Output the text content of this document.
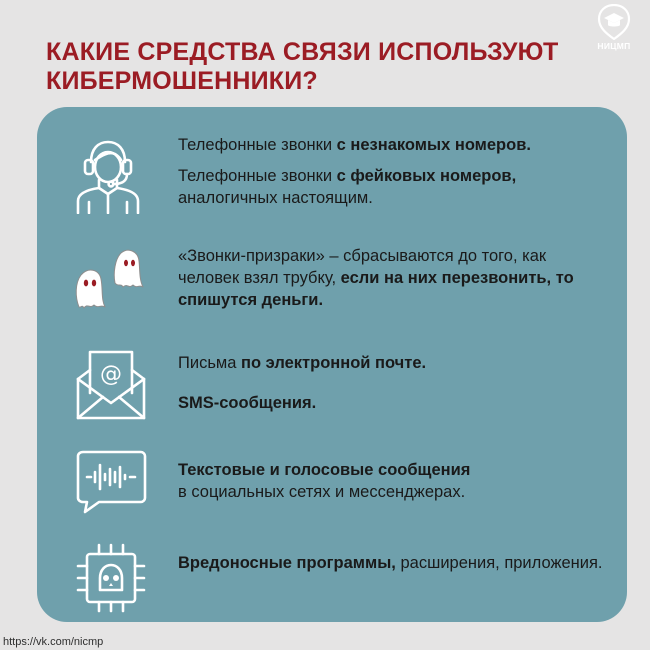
КАКИЕ СРЕДСТВА СВЯЗИ ИСПОЛЬЗУЮТ
КИБЕРМОШЕННИКИ?
НИЦМП

Телефонные звонки с незнакомых номеров.

Телефонные звонки с фейковых номеров,
аналогичных настоящим.

«Звонки-призраки» – сбрасываются до того, как человек взял трубку, если на них перезвонить, то спишутся деньги.

@	Письма по электронной почте.

SMS-сообщения.

Текстовые и голосовые сообщения
в социальных сетях и мессенджерах.

Вредоносные программы, расширения, приложения.

https://vk.com/nicmp
